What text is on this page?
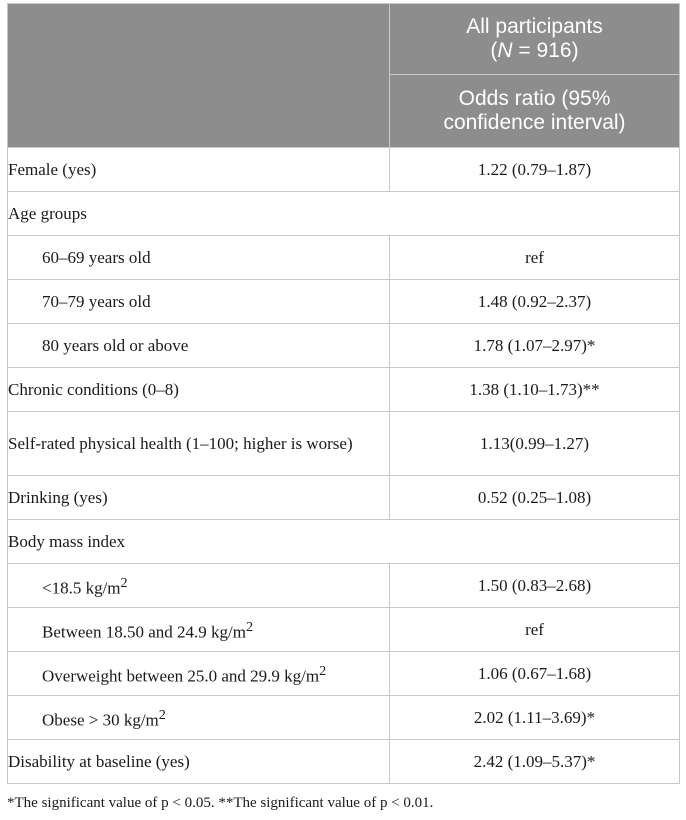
	All participants
(N = 916)
	Odds ratio (95%
confidence interval)
Female (yes)	1.22 (0.79–1.87)
Age groups	
60–69 years old	ref
70–79 years old	1.48 (0.92–2.37)
80 years old or above	1.78 (1.07–2.97)*
Chronic conditions (0–8)	1.38 (1.10–1.73)**
Self-rated physical health (1–100; higher is worse)	1.13(0.99–1.27)
Drinking (yes)	0.52 (0.25–1.08)
Body mass index	
<18.5 $kg/m^2$	1.50 (0.83–2.68)
Between 18.50 and 24.9 $kg/m^2$	ref
Overweight between 25.0 and 29.9 $kg/m^2$	1.06 (0.67–1.68)
Obese > 30 $kg/m^2$	2.02 (1.11–3.69)*
Disability at baseline (yes)	2.42 (1.09–5.37)*
*The significant value of p < 0.05. **The significant value of p < 0.01.
